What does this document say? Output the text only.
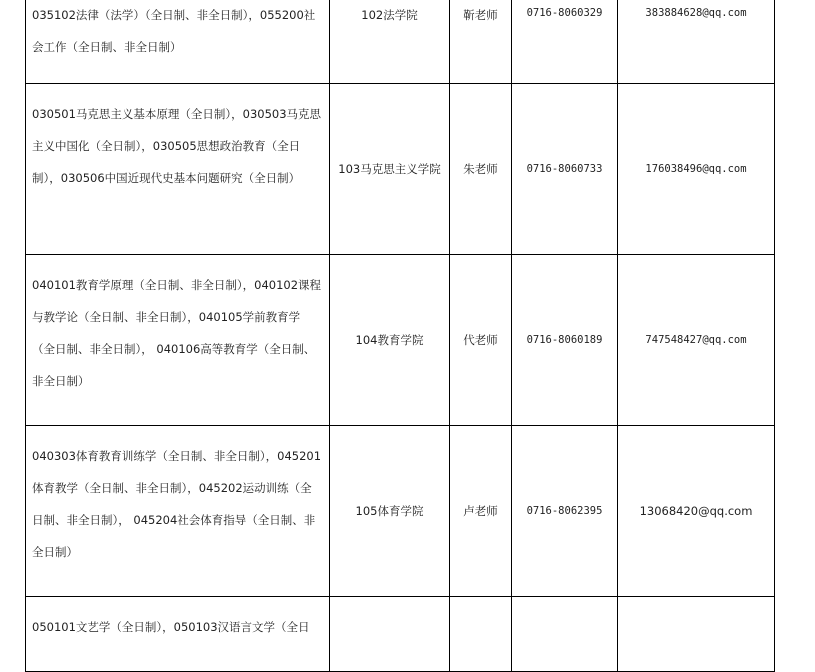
035102法律（法学）（全日制、非全日制），055200社会工作（全日制、非全日制）	102法学院	靳老师	0716-8060329	383884628@qq.com
030501马克思主义基本原理（全日制），030503马克思主义中国化（全日制），030505思想政治教育（全日制），030506中国近现代史基本问题研究（全日制）	103马克思主义学院	朱老师	0716-8060733	176038496@qq.com
040101教育学原理（全日制、非全日制），040102课程与教学论（全日制、非全日制），040105学前教育学（全日制、非全日制）， 040106高等教育学（全日制、非全日制）	104教育学院	代老师	0716-8060189	747548427@qq.com
040303体育教育训练学（全日制、非全日制），045201体育教学（全日制、非全日制），045202运动训练（全日制、非全日制）， 045204社会体育指导（全日制、非全日制）	105体育学院	卢老师	0716-8062395	13068420@qq.com
050101文艺学（全日制），050103汉语言文学（全日				
